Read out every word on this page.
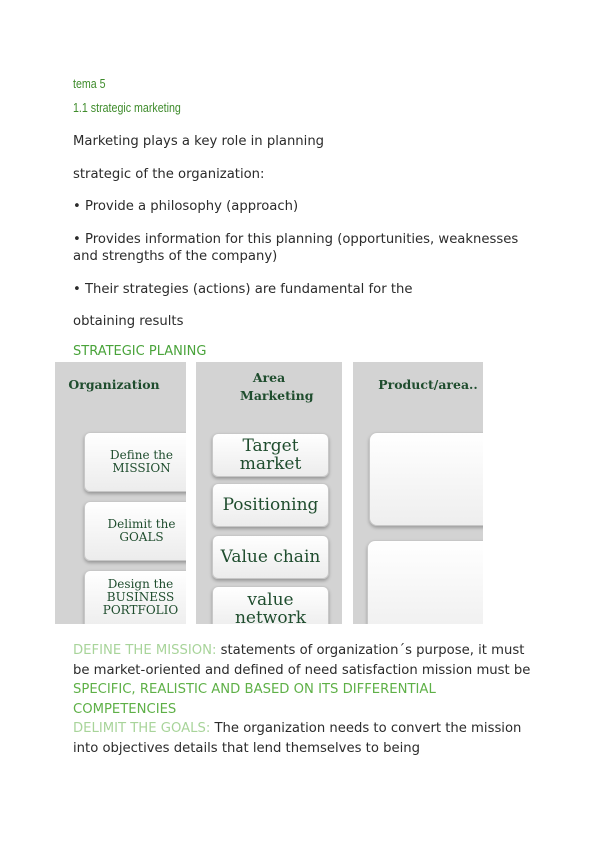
tema 5
1.1 strategic marketing
Marketing plays a key role in planning
strategic of the organization:
• Provide a philosophy (approach)
• Provides information for this planning (opportunities, weaknesses and strengths of the company)
• Their strategies (actions) are fundamental for the
obtaining results
STRATEGIC PLANING
Organization
Define the MISSION
Delimit the GOALS
Design the BUSINESS PORTFOLIO
Area Marketing
Target market
Positioning
Value chain
value network
Product/area..
DEFINE THE MISSION: statements of organization´s purpose, it must be market-oriented and defined of need satisfaction mission must be SPECIFIC, REALISTIC AND BASED ON ITS DIFFERENTIAL COMPETENCIES
DELIMIT THE GOALS: The organization needs to convert the mission into objectives details that lend themselves to being
